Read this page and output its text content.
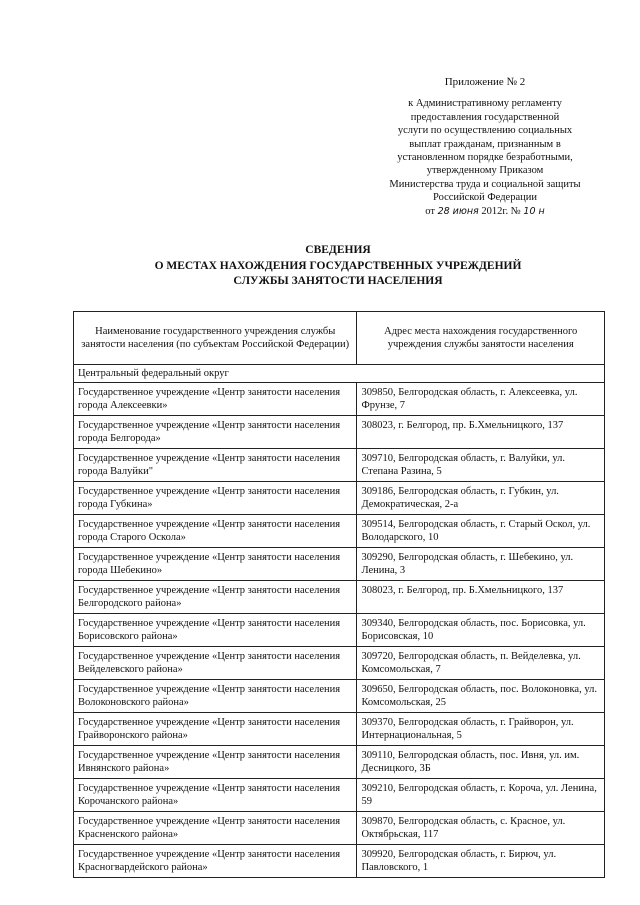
Приложение № 2
к Административному регламенту
предоставления государственной
услуги по осуществлению социальных
выплат гражданам, признанным в
установленном порядке безработными,
утвержденному Приказом
Министерства труда и социальной защиты
Российской Федерации
от 28 июня 2012г. № 10 н
СВЕДЕНИЯ
О МЕСТАХ НАХОЖДЕНИЯ ГОСУДАРСТВЕННЫХ УЧРЕЖДЕНИЙ
СЛУЖБЫ ЗАНЯТОСТИ НАСЕЛЕНИЯ
Наименование государственного учреждения службы занятости населения (по субъектам Российской Федерации)	Адрес места нахождения государственного учреждения службы занятости населения
Центральный федеральный округ	
Государственное учреждение «Центр занятости населения города Алексеевки»	309850, Белгородская область, г. Алексеевка, ул. Фрунзе, 7
Государственное учреждение «Центр занятости населения города Белгорода»	308023, г. Белгород, пр. Б.Хмельницкого, 137
Государственное учреждение «Центр занятости населения города Валуйки"	309710, Белгородская область, г. Валуйки, ул. Степана Разина, 5
Государственное учреждение «Центр занятости населения города Губкина»	309186, Белгородская область, г. Губкин, ул. Демократическая, 2-а
Государственное учреждение «Центр занятости населения города Старого Оскола»	309514, Белгородская область, г. Старый Оскол, ул. Володарского, 10
Государственное учреждение «Центр занятости населения города Шебекино»	309290, Белгородская область, г. Шебекино, ул. Ленина, 3
Государственное учреждение «Центр занятости населения Белгородского района»	308023, г. Белгород, пр. Б.Хмельницкого, 137
Государственное учреждение «Центр занятости населения Борисовского района»	309340, Белгородская область, пос. Борисовка, ул. Борисовская, 10
Государственное учреждение «Центр занятости населения Вейделевского района»	309720, Белгородская область, п. Вейделевка, ул. Комсомольская, 7
Государственное учреждение «Центр занятости населения Волоконовского района»	309650, Белгородская область, пос. Волоконовка, ул. Комсомольская, 25
Государственное учреждение «Центр занятости населения Грайворонского района»	309370, Белгородская область, г. Грайворон, ул. Интернациональная, 5
Государственное учреждение «Центр занятости населения Ивнянского района»	309110, Белгородская область, пос. Ивня, ул. им. Десницкого, 3Б
Государственное учреждение «Центр занятости населения Корочанского района»	309210, Белгородская область, г. Короча, ул. Ленина, 59
Государственное учреждение «Центр занятости населения Красненского района»	309870, Белгородская область, с. Красное, ул. Октябрьская, 117
Государственное учреждение «Центр занятости населения Красногвардейского района»	309920, Белгородская область, г. Бирюч, ул. Павловского, 1
